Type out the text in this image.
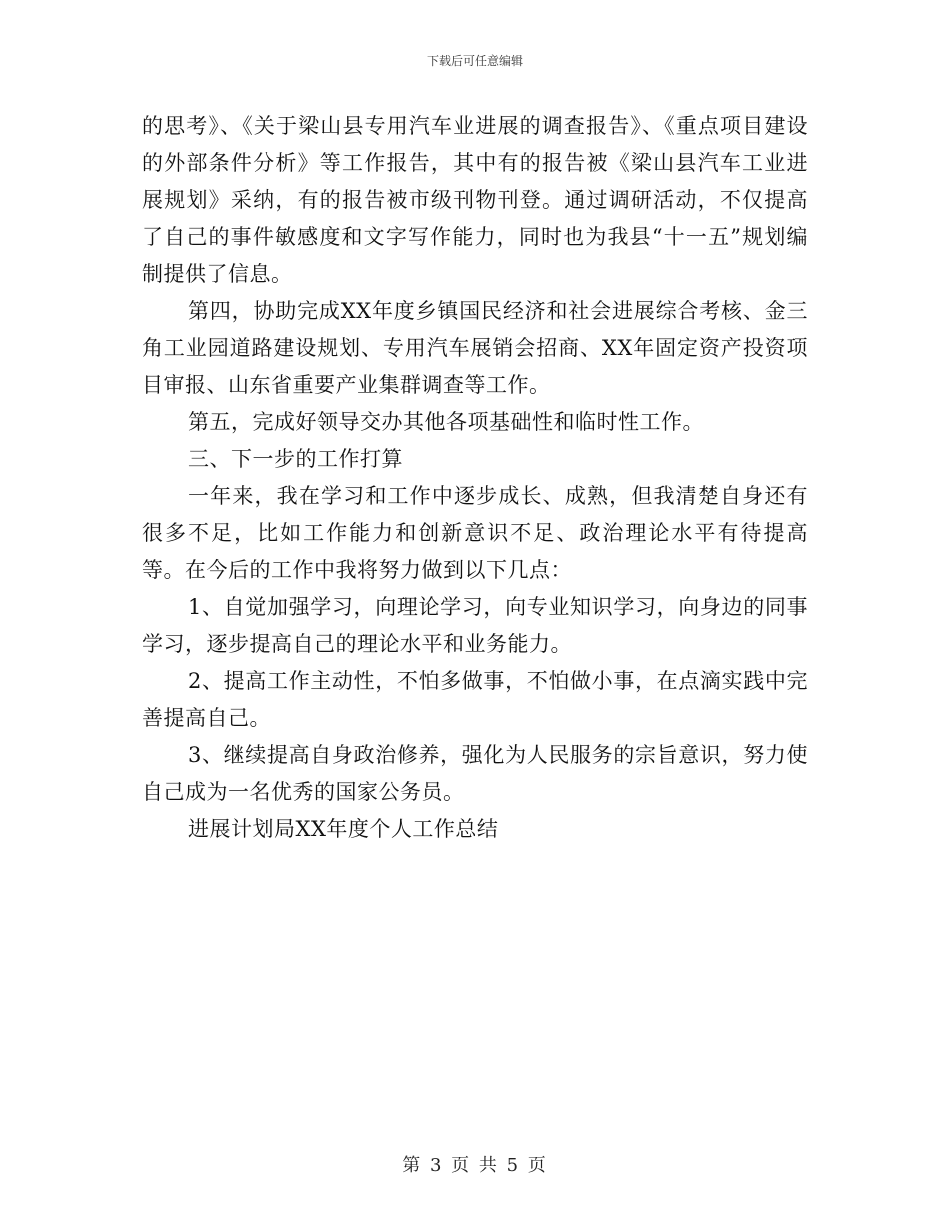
下载后可任意编辑

的思考》、《关于梁山县专用汽车业进展的调查报告》、《重点项目建设的外部条件分析》等工作报告，其中有的报告被《梁山县汽车工业进展规划》采纳，有的报告被市级刊物刊登。通过调研活动，不仅提高了自己的事件敏感度和文字写作能力，同时也为我县“十一五”规划编制提供了信息。

第四，协助完成XX年度乡镇国民经济和社会进展综合考核、金三角工业园道路建设规划、专用汽车展销会招商、XX年固定资产投资项目审报、山东省重要产业集群调查等工作。

第五，完成好领导交办其他各项基础性和临时性工作。

三、下一步的工作打算

一年来，我在学习和工作中逐步成长、成熟，但我清楚自身还有很多不足，比如工作能力和创新意识不足、政治理论水平有待提高等。在今后的工作中我将努力做到以下几点：

1、自觉加强学习，向理论学习，向专业知识学习，向身边的同事学习，逐步提高自己的理论水平和业务能力。

2、提高工作主动性，不怕多做事，不怕做小事，在点滴实践中完善提高自己。

3、继续提高自身政治修养，强化为人民服务的宗旨意识，努力使自己成为一名优秀的国家公务员。

进展计划局XX年度个人工作总结

第 3 页 共 5 页
